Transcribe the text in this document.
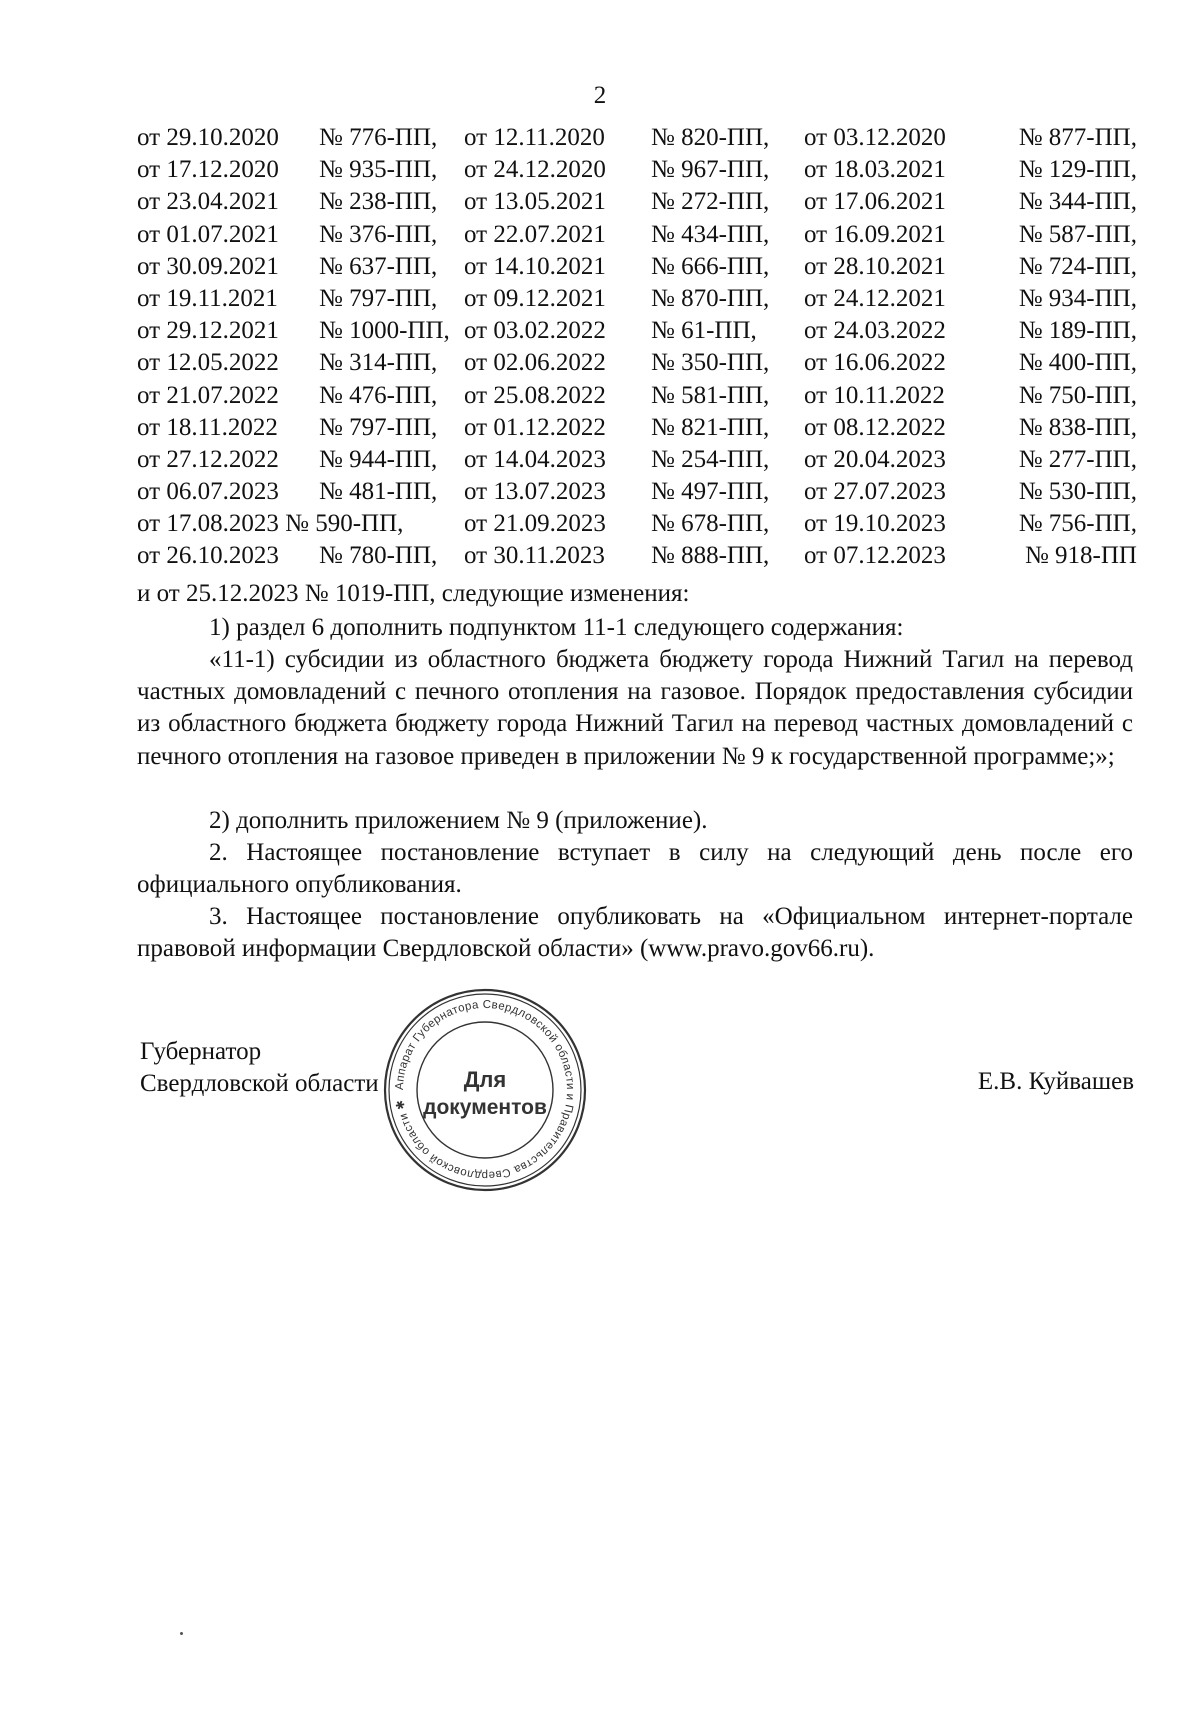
2
от 29.10.2020	№ 776-ПП,	от 12.11.2020	№ 820-ПП,	от 03.12.2020	№ 877-ПП,
от 17.12.2020	№ 935-ПП,	от 24.12.2020	№ 967-ПП,	от 18.03.2021	№ 129-ПП,
от 23.04.2021	№ 238-ПП,	от 13.05.2021	№ 272-ПП,	от 17.06.2021	№ 344-ПП,
от 01.07.2021	№ 376-ПП,	от 22.07.2021	№ 434-ПП,	от 16.09.2021	№ 587-ПП,
от 30.09.2021	№ 637-ПП,	от 14.10.2021	№ 666-ПП,	от 28.10.2021	№ 724-ПП,
от 19.11.2021	№ 797-ПП,	от 09.12.2021	№ 870-ПП,	от 24.12.2021	№ 934-ПП,
от 29.12.2021	№ 1000-ПП, от 03.02.2022	№ 61-ПП,	от 24.03.2022	№ 189-ПП,
от 12.05.2022	№ 314-ПП,	от 02.06.2022	№ 350-ПП,	от 16.06.2022	№ 400-ПП,
от 21.07.2022	№ 476-ПП,	от 25.08.2022	№ 581-ПП,	от 10.11.2022	№ 750-ПП,
от 18.11.2022	№ 797-ПП,	от 01.12.2022	№ 821-ПП,	от 08.12.2022	№ 838-ПП,
от 27.12.2022	№ 944-ПП,	от 14.04.2023	№ 254-ПП,	от 20.04.2023	№ 277-ПП,
от 06.07.2023	№ 481-ПП,	от 13.07.2023	№ 497-ПП,	от 27.07.2023	№ 530-ПП,
от 17.08.2023 № 590-ПП, от 21.09.2023	№ 678-ПП,	от 19.10.2023	№ 756-ПП,
от 26.10.2023	№ 780-ПП,	от 30.11.2023	№ 888-ПП,	от 07.12.2023	№ 918-ПП
и от 25.12.2023 № 1019-ПП, следующие изменения:

1) раздел 6 дополнить подпунктом 11-1 следующего содержания:

«11-1) субсидии из областного бюджета бюджету города Нижний Тагил на перевод частных домовладений с печного отопления на газовое. Порядок предоставления субсидии из областного бюджета бюджету города Нижний Тагил на перевод частных домовладений с печного отопления на газовое приведен в приложении № 9 к государственной программе;»;

2) дополнить приложением № 9 (приложение).

2. Настоящее постановление вступает в силу на следующий день после его официального опубликования.

3. Настоящее постановление опубликовать на «Официальном интернет-портале правовой информации Свердловской области» (www.pravo.gov66.ru).

Губернатор
Свердловской области	Е.В. Куйвашев
Аппарат Губернатора Свердловской области и Правительства Свердловской области ✱
Для
документов
